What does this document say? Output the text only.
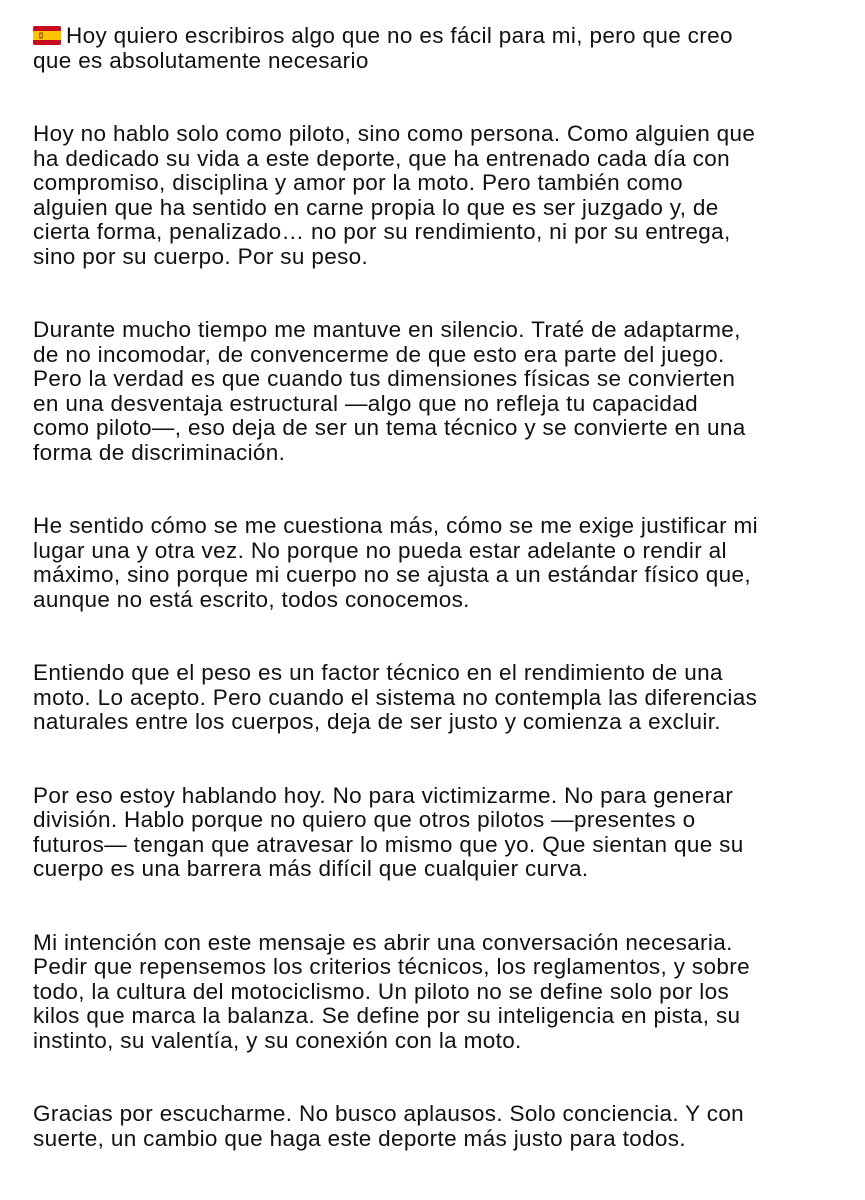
Hoy quiero escribiros algo que no es fácil para mi, pero que creo
que es absolutamente necesario

Hoy no hablo solo como piloto, sino como persona. Como alguien que
ha dedicado su vida a este deporte, que ha entrenado cada día con
compromiso, disciplina y amor por la moto. Pero también como
alguien que ha sentido en carne propia lo que es ser juzgado y, de
cierta forma, penalizado… no por su rendimiento, ni por su entrega,
sino por su cuerpo. Por su peso.

Durante mucho tiempo me mantuve en silencio. Traté de adaptarme,
de no incomodar, de convencerme de que esto era parte del juego.
Pero la verdad es que cuando tus dimensiones físicas se convierten
en una desventaja estructural —algo que no refleja tu capacidad
como piloto—, eso deja de ser un tema técnico y se convierte en una
forma de discriminación.

He sentido cómo se me cuestiona más, cómo se me exige justificar mi
lugar una y otra vez. No porque no pueda estar adelante o rendir al
máximo, sino porque mi cuerpo no se ajusta a un estándar físico que,
aunque no está escrito, todos conocemos.

Entiendo que el peso es un factor técnico en el rendimiento de una
moto. Lo acepto. Pero cuando el sistema no contempla las diferencias
naturales entre los cuerpos, deja de ser justo y comienza a excluir.

Por eso estoy hablando hoy. No para victimizarme. No para generar
división. Hablo porque no quiero que otros pilotos —presentes o
futuros— tengan que atravesar lo mismo que yo. Que sientan que su
cuerpo es una barrera más difícil que cualquier curva.

Mi intención con este mensaje es abrir una conversación necesaria.
Pedir que repensemos los criterios técnicos, los reglamentos, y sobre
todo, la cultura del motociclismo. Un piloto no se define solo por los
kilos que marca la balanza. Se define por su inteligencia en pista, su
instinto, su valentía, y su conexión con la moto.

Gracias por escucharme. No busco aplausos. Solo conciencia. Y con
suerte, un cambio que haga este deporte más justo para todos.
